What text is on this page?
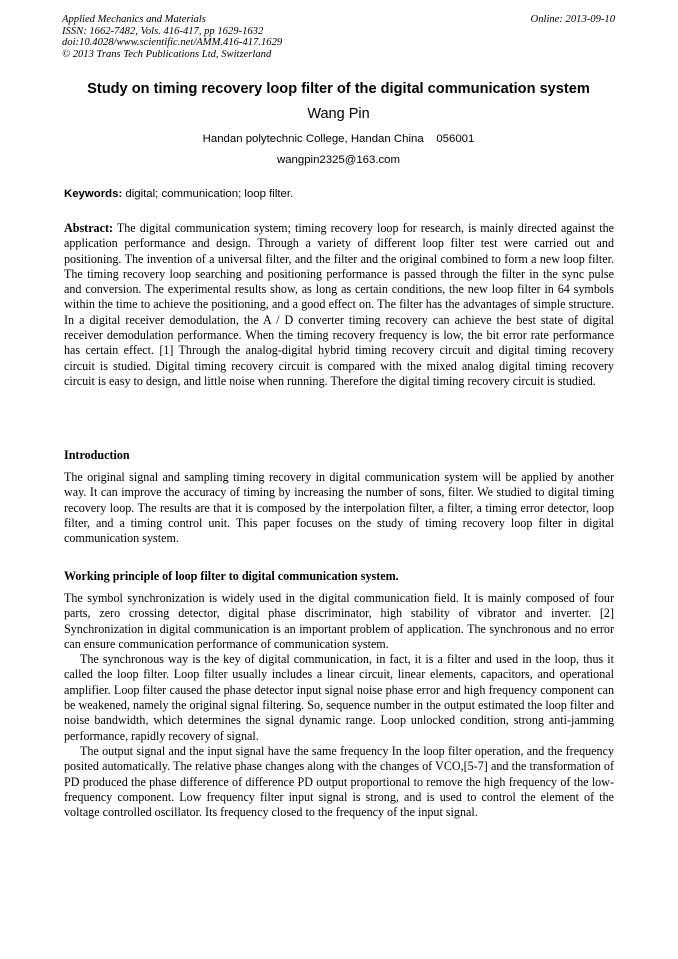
Applied Mechanics and Materials
ISSN: 1662-7482, Vols. 416-417, pp 1629-1632
doi:10.4028/www.scientific.net/AMM.416-417.1629
© 2013 Trans Tech Publications Ltd, Switzerland
Online: 2013-09-10
Study on timing recovery loop filter of the digital communication system
Wang Pin
Handan polytechnic College, Handan China    056001
wangpin2325@163.com
Keywords: digital; communication; loop filter.

Abstract: The digital communication system; timing recovery loop for research, is mainly directed against the application performance and design. Through a variety of different loop filter test were carried out and positioning. The invention of a universal filter, and the filter and the original combined to form a new loop filter. The timing recovery loop searching and positioning performance is passed through the filter in the sync pulse and conversion. The experimental results show, as long as certain conditions, the new loop filter in 64 symbols within the time to achieve the positioning, and a good effect on. The filter has the advantages of simple structure. In a digital receiver demodulation, the A / D converter timing recovery can achieve the best state of digital receiver demodulation performance. When the timing recovery frequency is low, the bit error rate performance has certain effect. [1] Through the analog-digital hybrid timing recovery circuit and digital timing recovery circuit is studied. Digital timing recovery circuit is compared with the mixed analog digital timing recovery circuit is easy to design, and little noise when running. Therefore the digital timing recovery circuit is studied.

Introduction

The original signal and sampling timing recovery in digital communication system will be applied by another way. It can improve the accuracy of timing by increasing the number of sons, filter. We studied to digital timing recovery loop. The results are that it is composed by the interpolation filter, a filter, a timing error detector, loop filter, and a timing control unit. This paper focuses on the study of timing recovery loop filter in digital communication system.

Working principle of loop filter to digital communication system.

The symbol synchronization is widely used in the digital communication field. It is mainly composed of four parts, zero crossing detector, digital phase discriminator, high stability of vibrator and inverter. [2] Synchronization in digital communication is an important problem of application. The synchronous and no error can ensure communication performance of communication system.

The synchronous way is the key of digital communication, in fact, it is a filter and used in the loop, thus it called the loop filter. Loop filter usually includes a linear circuit, linear elements, capacitors, and operational amplifier. Loop filter caused the phase detector input signal noise phase error and high frequency component can be weakened, namely the original signal filtering. So, sequence number in the output estimated the loop filter and noise bandwidth, which determines the signal dynamic range. Loop unlocked condition, strong anti-jamming performance, rapidly recovery of signal.

The output signal and the input signal have the same frequency In the loop filter operation, and the frequency posited automatically. The relative phase changes along with the changes of VCO,[5-7] and the transformation of PD produced the phase difference of difference PD output proportional to remove the high frequency of the low-frequency component. Low frequency filter input signal is strong, and is used to control the element of the voltage controlled oscillator. Its frequency closed to the frequency of the input signal.
